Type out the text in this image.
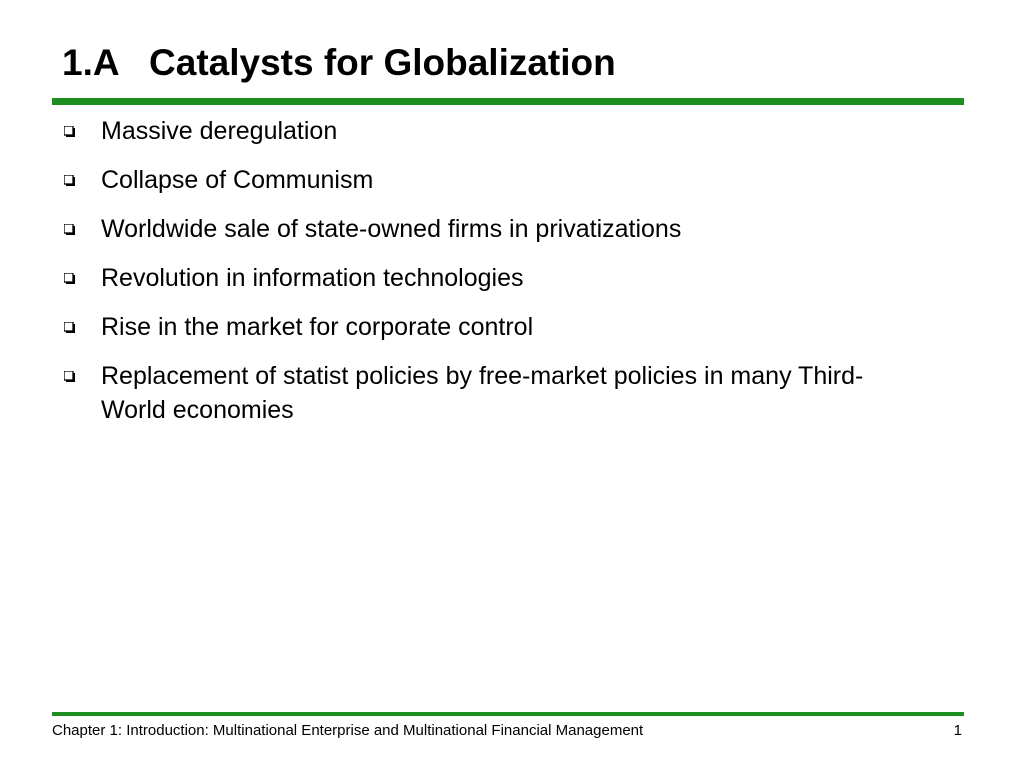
1.A   Catalysts for Globalization
Massive deregulation
Collapse of Communism
Worldwide sale of state-owned firms in privatizations
Revolution in information technologies
Rise in the market for corporate control
Replacement of statist policies by free-market policies in many Third-World economies
Chapter 1: Introduction: Multinational Enterprise and Multinational Financial Management	1
